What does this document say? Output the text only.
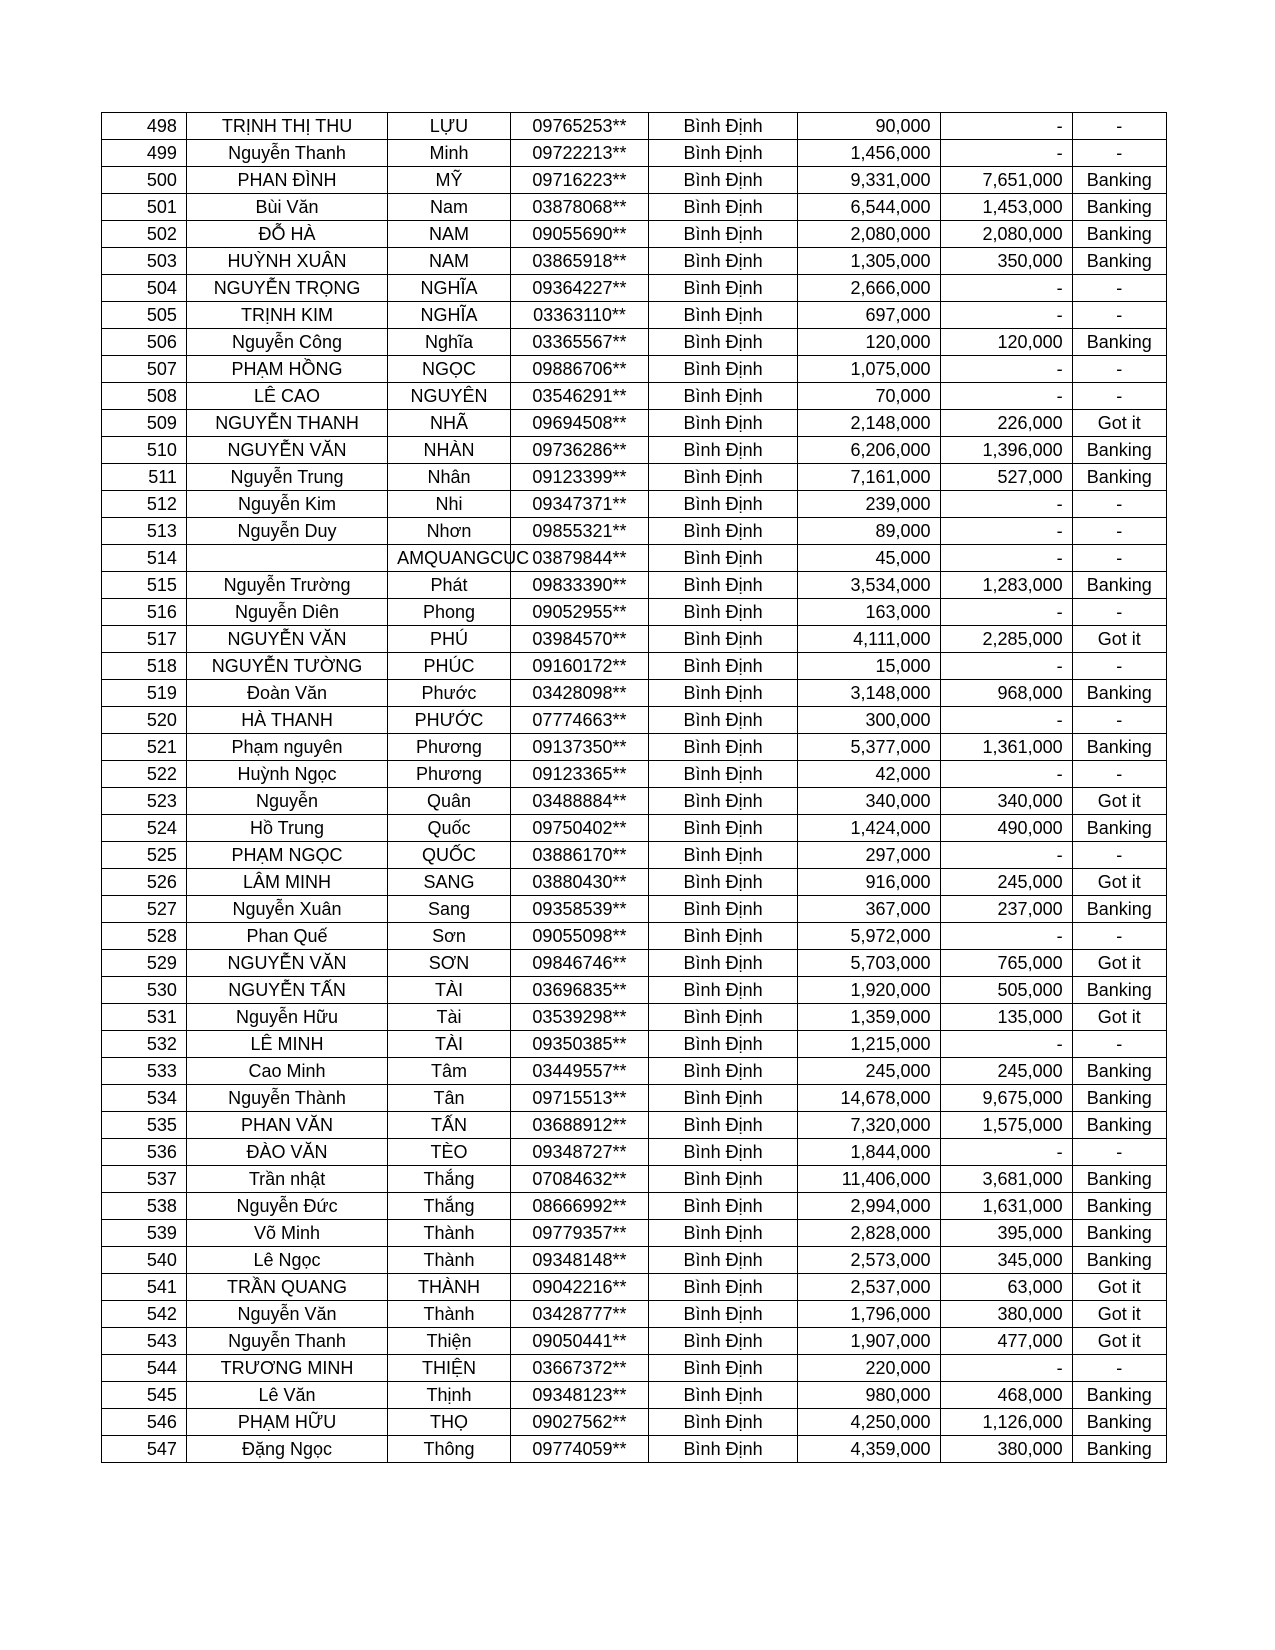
498	TRỊNH THỊ THU	LỰU	09765253**	Bình Định	90,000	-	-
499	Nguyễn Thanh	Minh	09722213**	Bình Định	1,456,000	-	-
500	PHAN ĐÌNH	MỸ	09716223**	Bình Định	9,331,000	7,651,000	Banking
501	Bùi Văn	Nam	03878068**	Bình Định	6,544,000	1,453,000	Banking
502	ĐỖ HÀ	NAM	09055690**	Bình Định	2,080,000	2,080,000	Banking
503	HUỲNH XUÂN	NAM	03865918**	Bình Định	1,305,000	350,000	Banking
504	NGUYỄN TRỌNG	NGHĨA	09364227**	Bình Định	2,666,000	-	-
505	TRỊNH KIM	NGHĨA	03363110**	Bình Định	697,000	-	-
506	Nguyễn Công	Nghĩa	03365567**	Bình Định	120,000	120,000	Banking
507	PHẠM HỒNG	NGỌC	09886706**	Bình Định	1,075,000	-	-
508	LÊ CAO	NGUYÊN	03546291**	Bình Định	70,000	-	-
509	NGUYỄN THANH	NHÃ	09694508**	Bình Định	2,148,000	226,000	Got it
510	NGUYỄN VĂN	NHÀN	09736286**	Bình Định	6,206,000	1,396,000	Banking
511	Nguyễn Trung	Nhân	09123399**	Bình Định	7,161,000	527,000	Banking
512	Nguyễn Kim	Nhi	09347371**	Bình Định	239,000	-	-
513	Nguyễn Duy	Nhơn	09855321**	Bình Định	89,000	-	-
514		AMQUANGCUC	03879844**	Bình Định	45,000	-	-
515	Nguyễn Trường	Phát	09833390**	Bình Định	3,534,000	1,283,000	Banking
516	Nguyễn Diên	Phong	09052955**	Bình Định	163,000	-	-
517	NGUYỄN VĂN	PHÚ	03984570**	Bình Định	4,111,000	2,285,000	Got it
518	NGUYỄN TƯỜNG	PHÚC	09160172**	Bình Định	15,000	-	-
519	Đoàn Văn	Phước	03428098**	Bình Định	3,148,000	968,000	Banking
520	HÀ THANH	PHƯỚC	07774663**	Bình Định	300,000	-	-
521	Phạm nguyên	Phương	09137350**	Bình Định	5,377,000	1,361,000	Banking
522	Huỳnh Ngọc	Phương	09123365**	Bình Định	42,000	-	-
523	Nguyễn	Quân	03488884**	Bình Định	340,000	340,000	Got it
524	Hồ Trung	Quốc	09750402**	Bình Định	1,424,000	490,000	Banking
525	PHẠM NGỌC	QUỐC	03886170**	Bình Định	297,000	-	-
526	LÂM MINH	SANG	03880430**	Bình Định	916,000	245,000	Got it
527	Nguyễn Xuân	Sang	09358539**	Bình Định	367,000	237,000	Banking
528	Phan Quế	Sơn	09055098**	Bình Định	5,972,000	-	-
529	NGUYỄN VĂN	SƠN	09846746**	Bình Định	5,703,000	765,000	Got it
530	NGUYỄN TẤN	TÀI	03696835**	Bình Định	1,920,000	505,000	Banking
531	Nguyễn Hữu	Tài	03539298**	Bình Định	1,359,000	135,000	Got it
532	LÊ MINH	TÀI	09350385**	Bình Định	1,215,000	-	-
533	Cao Minh	Tâm	03449557**	Bình Định	245,000	245,000	Banking
534	Nguyễn Thành	Tân	09715513**	Bình Định	14,678,000	9,675,000	Banking
535	PHAN VĂN	TẤN	03688912**	Bình Định	7,320,000	1,575,000	Banking
536	ĐÀO VĂN	TÈO	09348727**	Bình Định	1,844,000	-	-
537	Trần nhật	Thắng	07084632**	Bình Định	11,406,000	3,681,000	Banking
538	Nguyễn Đức	Thắng	08666992**	Bình Định	2,994,000	1,631,000	Banking
539	Võ Minh	Thành	09779357**	Bình Định	2,828,000	395,000	Banking
540	Lê Ngọc	Thành	09348148**	Bình Định	2,573,000	345,000	Banking
541	TRẦN QUANG	THÀNH	09042216**	Bình Định	2,537,000	63,000	Got it
542	Nguyễn Văn	Thành	03428777**	Bình Định	1,796,000	380,000	Got it
543	Nguyễn Thanh	Thiện	09050441**	Bình Định	1,907,000	477,000	Got it
544	TRƯƠNG MINH	THIỆN	03667372**	Bình Định	220,000	-	-
545	Lê Văn	Thịnh	09348123**	Bình Định	980,000	468,000	Banking
546	PHẠM HỮU	THỌ	09027562**	Bình Định	4,250,000	1,126,000	Banking
547	Đặng Ngọc	Thông	09774059**	Bình Định	4,359,000	380,000	Banking
